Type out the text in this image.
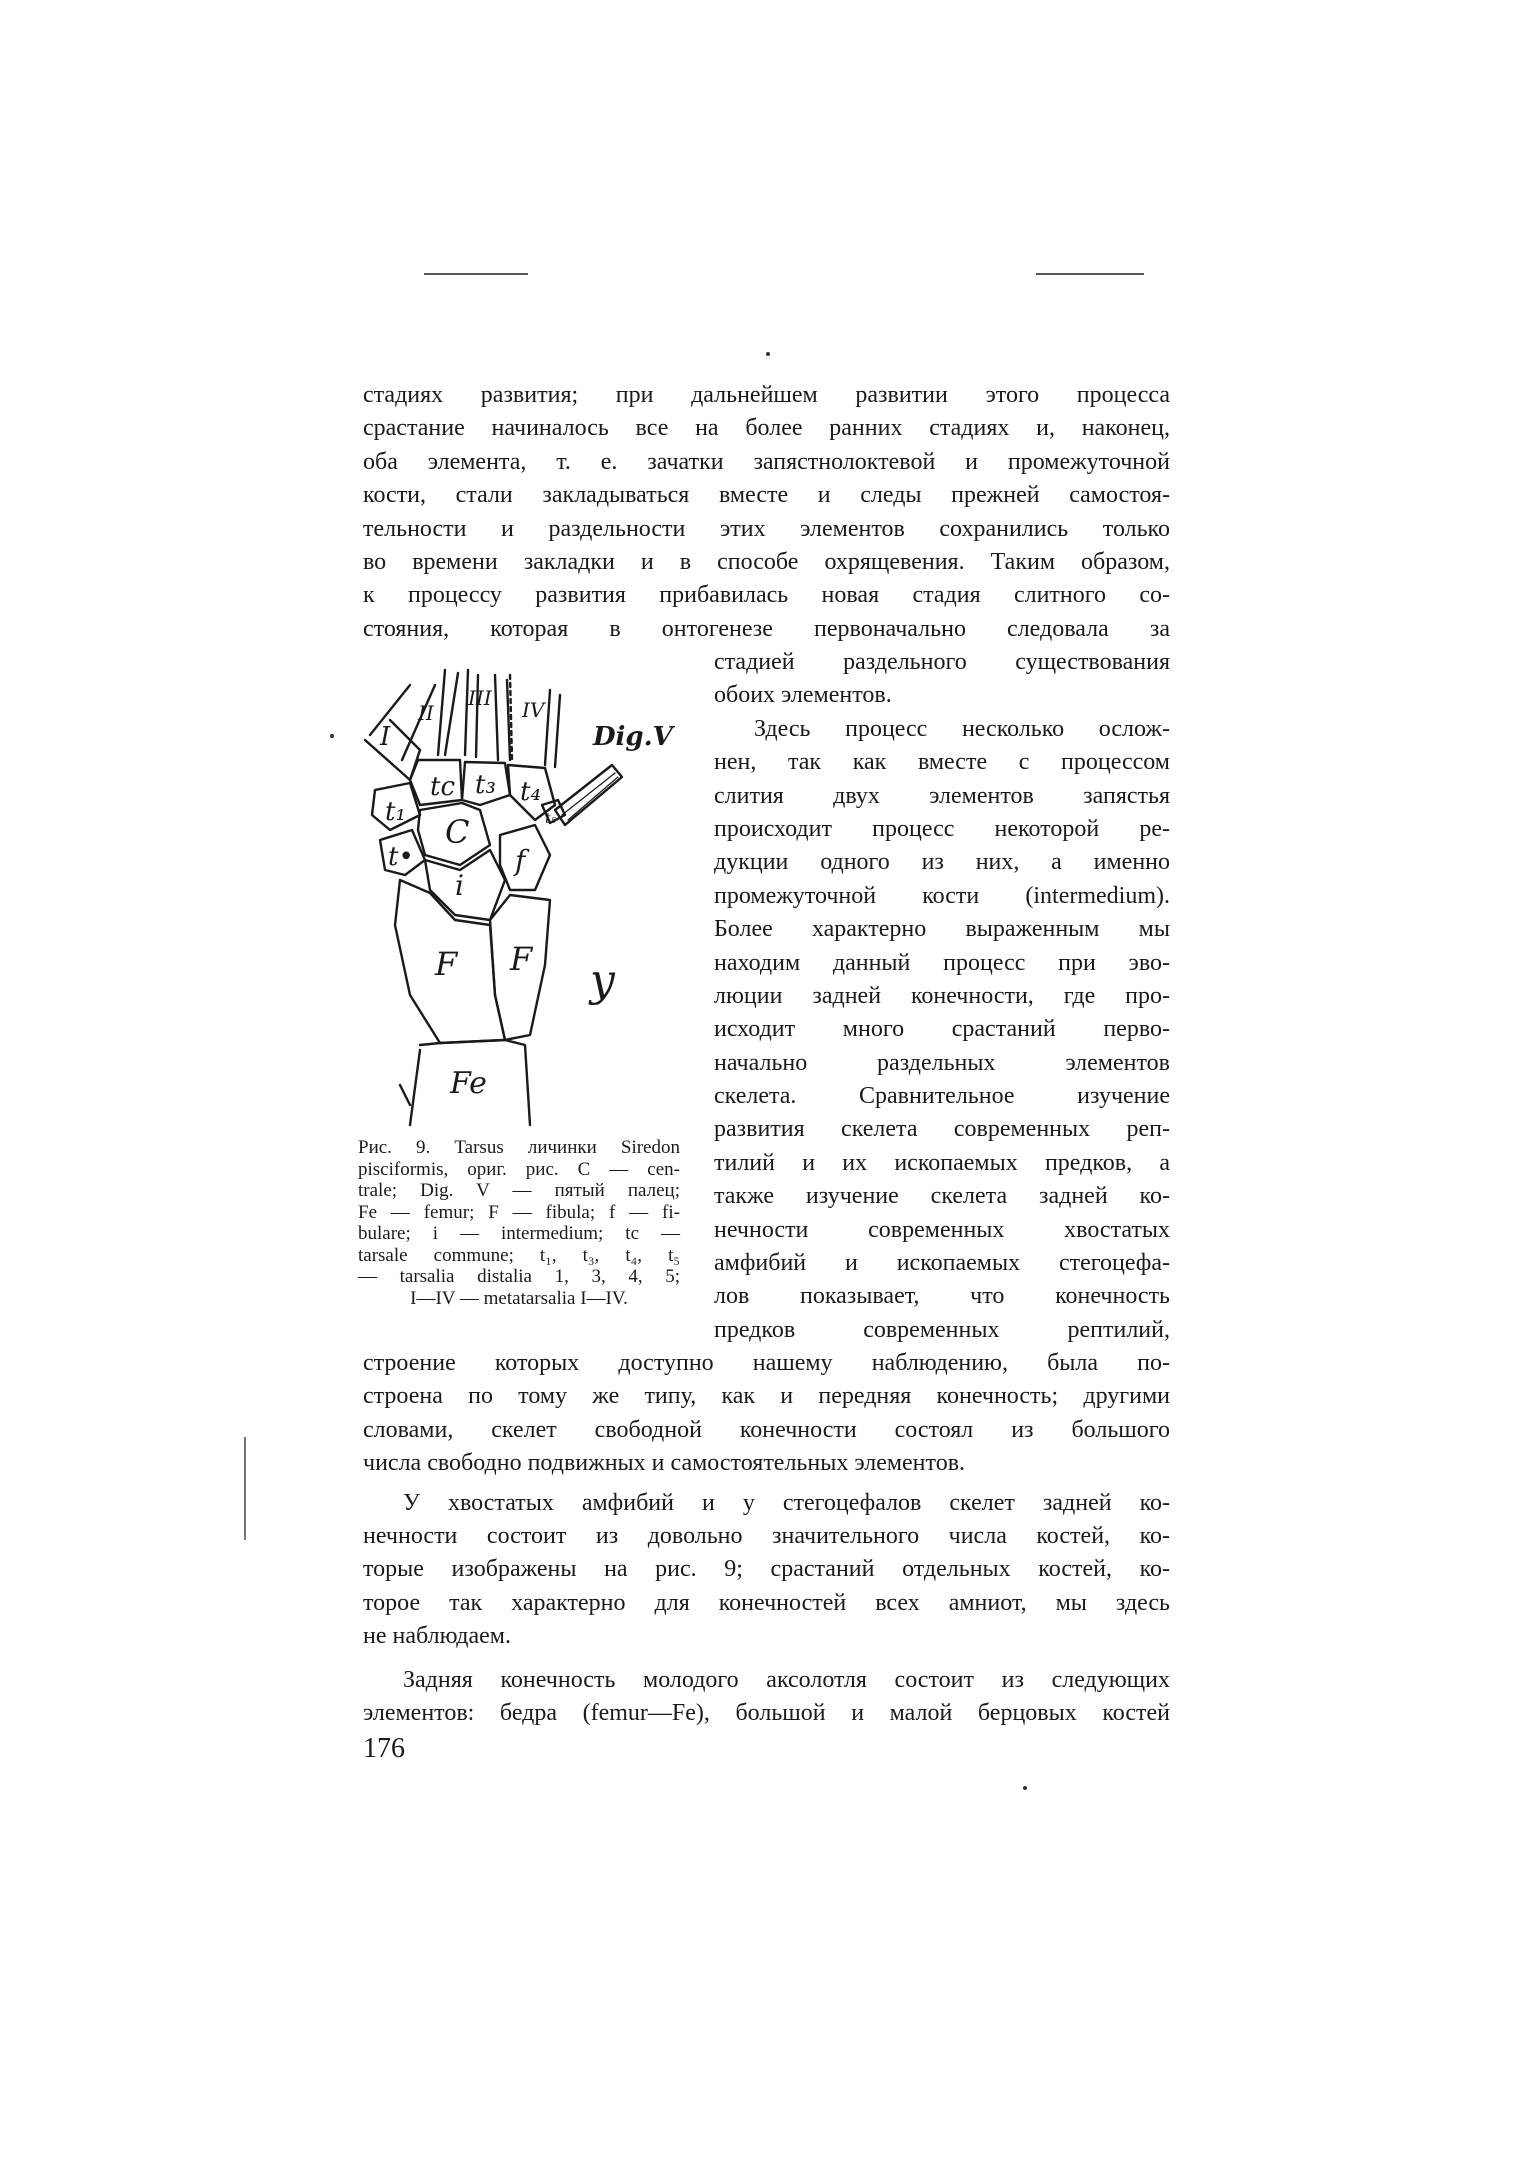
стадиях развития; при дальнейшем развитии этого процесса
срастание начиналось все на более ранних стадиях и, наконец,
оба элемента, т. е. зачатки запястнолоктевой и промежуточной
кости, стали закладываться вместе и следы прежней самостоя-
тельности и раздельности этих элементов сохранились только
во времени закладки и в способе охрящевения. Таким образом,
к процессу развития прибавилась новая стадия слитного со-
стояния, которая в онтогенезе первоначально следовала за
I
II
III IV
Dig.V
tc t₃ t₄
t₅
t₁
C
t•
i
f
F F y
Fe
стадией раздельного существования
обоих элементов.
Здесь процесс несколько ослож-
нен, так как вместе с процессом
слития двух элементов запястья
происходит процесс некоторой ре-
дукции одного из них, а именно
промежуточной кости (intermedium).
Более характерно выраженным мы
находим данный процесс при эво-
люции задней конечности, где про-
исходит много срастаний перво-
начально раздельных элементов
скелета. Сравнительное изучение
развития скелета современных реп-
тилий и их ископаемых предков, а
также изучение скелета задней ко-
нечности современных хвостатых
амфибий и ископаемых стегоцефа-
лов показывает, что конечность
предков современных рептилий,
Рис. 9. Tarsus личинки Siredon
pisciformis, ориг. рис. C — cen-
trale; Dig. V — пятый палец;
Fe — femur; F — fibula; f — fi-
bulare; i — intermedium; tc —
tarsale commune; t₁, t₃, t₄, t₅
— tarsalia distalia 1, 3, 4, 5;
I—IV — metatarsalia I—IV.
строение которых доступно нашему наблюдению, была по-
строена по тому же типу, как и передняя конечность; другими
словами, скелет свободной конечности состоял из большого
числа свободно подвижных и самостоятельных элементов.
У хвостатых амфибий и у стегоцефалов скелет задней ко-
нечности состоит из довольно значительного числа костей, ко-
торые изображены на рис. 9; срастаний отдельных костей, ко-
торое так характерно для конечностей всех амниот, мы здесь
не наблюдаем.
Задняя конечность молодого аксолотля состоит из следующих
элементов: бедра (femur—Fe), большой и малой берцовых костей
176
